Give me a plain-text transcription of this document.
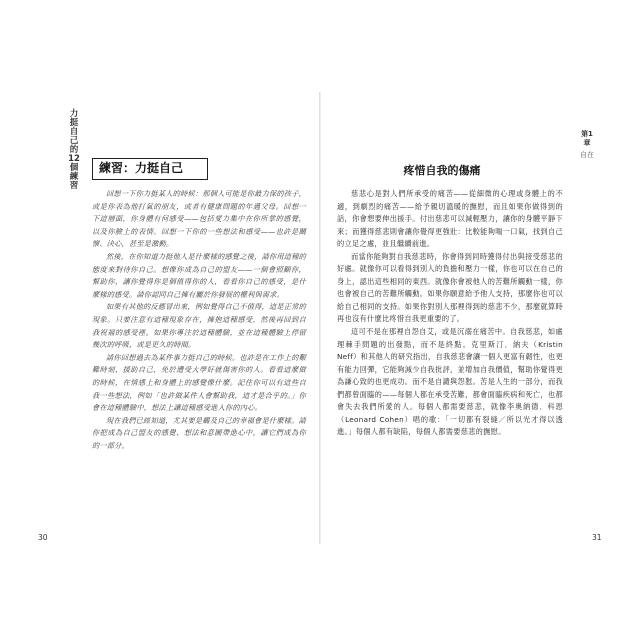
力挺自己的12個練習
練習：力挺自己

回想一下你力挺某人的時候：那個人可能是你最力保的孩子，或是你表為他打氣的朋友，或者有健康問題的年邁父母。回想一下這層面，你身體有何感受——包括愛力集中在你所掌的感覺，以及你臉上的表情。回想一下你的一些想法和感受——也許是關懷、決心，甚至是激動。

然後，在你知道力挺他人是什麼樣的感覺之後，請你用這種的態度來對待你自己。想像你成為自己的盟友——一個會照顧你，幫助你，讓你覺得你是個值得你的人，看看你自己的感受，是什麼樣的感受。請你認同自己擁有屬於你發展的權利與需求。

如果有其他的反應冒出來，例如覺得自己不值得，這是正常的現象。只要注意有這種現象存在，擁抱這種感受，然後再回到自我祝福的感受裡。如果你專注於這種體驗，並在這種體驗上停留幾次的呼吸，或是更久的時間。

請你回想過去為某件事力挺自己的時候。也許是在工作上的艱難時刻，援助自己，免於遭受大學好就傷害你的人。看看這麼做的時候，在情感上和身體上的感覺像什麼。記住你可以有這些自我一些想法，例如「也許做某件人會幫助我，這才是合乎的。」你會在這種體驗中，想法上讓這種感受進入你的內心。

現在我們已經知道，尤其要是觸及自己的幸福會是什麼樣。請你把成為自己盟友的感覺、想法和意圖帶進心中，讓它們成為你的一部分。

30
第1章
自在
疼惜自我的傷痛

慈悲心是對人們所承受的痛苦——從細微的心理或身體上的不適，到劇烈的痛苦——給予親切溫暖的撫慰，而且如果你做得到的話，你會想要伸出援手。付出慈悲可以減輕壓力，讓你的身體平靜下來；而獲得慈悲則會讓你覺得更強壯：比較能夠喘一口氣，找到自己的立足之處，並且繼續前進。

而當你能夠對自我慈悲時，你會得到同時獲得付出與接受慈悲的好處。就像你可以看得到別人的負擔和壓力一樣，你也可以在自己的身上，認出這些相同的東西。就像你會被他人的苦難所觸動一樣，你也會被自己的苦難所觸動。如果你願意給予他人支持，那麼你也可以給自己相同的支持。如果你對別人那裡得到的慈悲不少，那麼就算時再也沒有什麼比疼惜自我更重要的了。

這可不是在那裡自怨自艾，或是沉溺在痛苦中。自我慈悲，如處理棘手問題的出發點，而不是終點。克里斯汀．納夫（Kristin Neff）和其他人的研究指出，自我慈悲會讓一個人更富有韌性，也更有能力回彈，它能夠減少自我批評，並增加自我價值，幫助你覺得更為謙心致的也更成功。而不是自譴與怨懟。苦是人生的一部分，而我們都曾面臨的——每個人都在承受苦難，都會面臨疾病和死亡，也都會失去我們所愛的人。每個人都需要慈悲，就像李奧納德．科恩（Leonard Cohen）唱的歌：「一切都有裂縫／所以光才得以透進。」每個人都有缺陷，每個人都需要慈悲的撫慰。

31
